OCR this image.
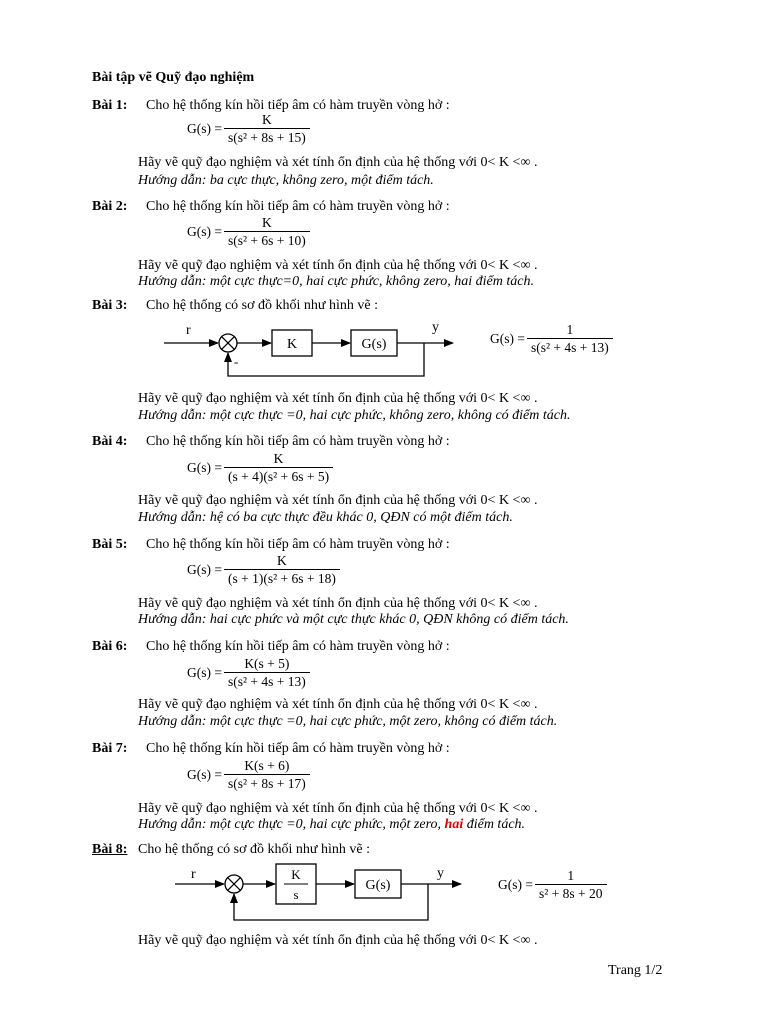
Bài tập vẽ Quỹ đạo nghiệm
Bài 1: Cho hệ thống kín hồi tiếp âm có hàm truyền vòng hở :
$G(s) = \frac{K}{\text{s(s² + 8s + 15)}}$
Hãy vẽ quỹ đạo nghiệm và xét tính ổn định của hệ thống với 0< K <∞ .
Hướng dẫn: ba cực thực, không zero, một điểm tách.
Bài 2: Cho hệ thống kín hồi tiếp âm có hàm truyền vòng hở :
$G(s) = \frac{K}{\text{s(s² + 6s + 10)}}$
Hãy vẽ quỹ đạo nghiệm và xét tính ổn định của hệ thống với 0< K <∞ .
Hướng dẫn: một cực thực=0, hai cực phức, không zero, hai điểm tách.
Bài 3: Cho hệ thống có sơ đồ khối như hình vẽ :
r	y
K	G(s)
-
$G(s) = \frac{1}{\text{s(s² + 4s + 13)}}$
Hãy vẽ quỹ đạo nghiệm và xét tính ổn định của hệ thống với 0< K <∞ .
Hướng dẫn: một cực thực =0, hai cực phức, không zero, không có điểm tách.
Bài 4: Cho hệ thống kín hồi tiếp âm có hàm truyền vòng hở :
$G(s) = \frac{K}{\text{(s + 4)(s² + 6s + 5)}}$
Hãy vẽ quỹ đạo nghiệm và xét tính ổn định của hệ thống với 0< K <∞ .
Hướng dẫn: hệ có ba cực thực đều khác 0, QĐN có một điểm tách.
Bài 5: Cho hệ thống kín hồi tiếp âm có hàm truyền vòng hở :
$G(s) = \frac{K}{\text{(s + 1)(s² + 6s + 18)}}$
Hãy vẽ quỹ đạo nghiệm và xét tính ổn định của hệ thống với 0< K <∞ .
Hướng dẫn: hai cực phức và một cực thực khác 0, QĐN không có điểm tách.
Bài 6: Cho hệ thống kín hồi tiếp âm có hàm truyền vòng hở :
$G(s) = \frac{K(s + 5)}{\text{s(s² + 4s + 13)}}$
Hãy vẽ quỹ đạo nghiệm và xét tính ổn định của hệ thống với 0< K <∞ .
Hướng dẫn: một cực thực =0, hai cực phức, một zero, không có điểm tách.
Bài 7: Cho hệ thống kín hồi tiếp âm có hàm truyền vòng hở :
$G(s) = \frac{K(s + 6)}{\text{s(s² + 8s + 17)}}$
Hãy vẽ quỹ đạo nghiệm và xét tính ổn định của hệ thống với 0< K <∞ .
Hướng dẫn: một cực thực =0, hai cực phức, một zero, hai điểm tách.
Bài 8: Cho hệ thống có sơ đồ khối như hình vẽ :
r	y
K
s
G(s)	$G(s) = \frac{1}{\text{s² + 8s + 20}}$
Hãy vẽ quỹ đạo nghiệm và xét tính ổn định của hệ thống với 0< K <∞ .
Trang 1/2
